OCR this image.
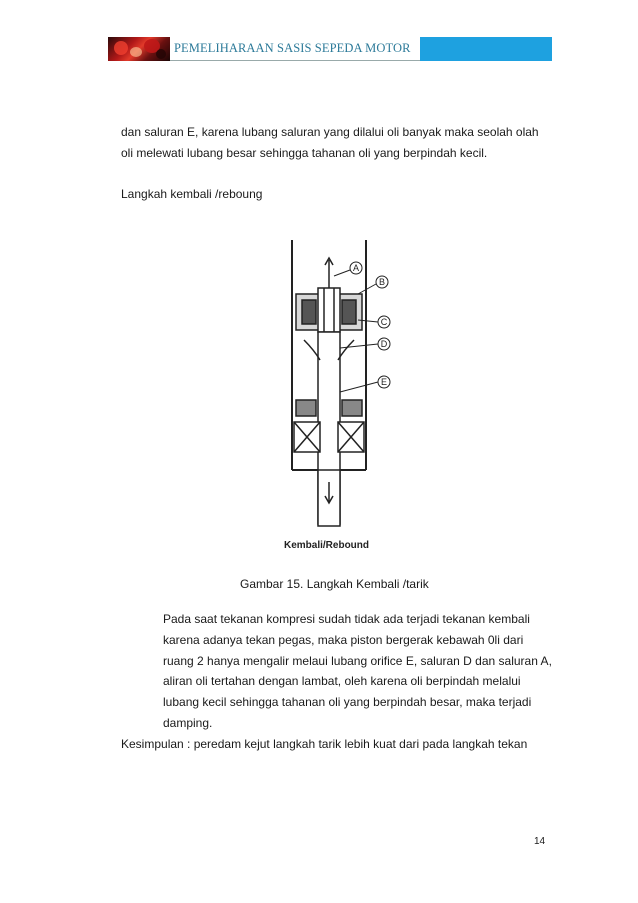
PEMELIHARAAN SASIS SEPEDA MOTOR
dan saluran E, karena lubang saluran yang dilalui oli banyak maka seolah olah
oli melewati lubang besar sehingga tahanan oli yang berpindah kecil.
Langkah kembali /reboung
A
B
C
D
E
Kembali/Rebound
Gambar 15. Langkah Kembali /tarik
Pada saat tekanan kompresi sudah tidak ada terjadi tekanan kembali
karena adanya tekan pegas, maka piston bergerak kebawah 0li dari
ruang 2 hanya mengalir melaui lubang orifice E, saluran D dan saluran A,
aliran oli tertahan dengan lambat, oleh karena oli berpindah melalui
lubang kecil sehingga tahanan oli yang berpindah besar, maka terjadi
damping.
Kesimpulan : peredam kejut langkah tarik lebih kuat dari pada langkah tekan
14
